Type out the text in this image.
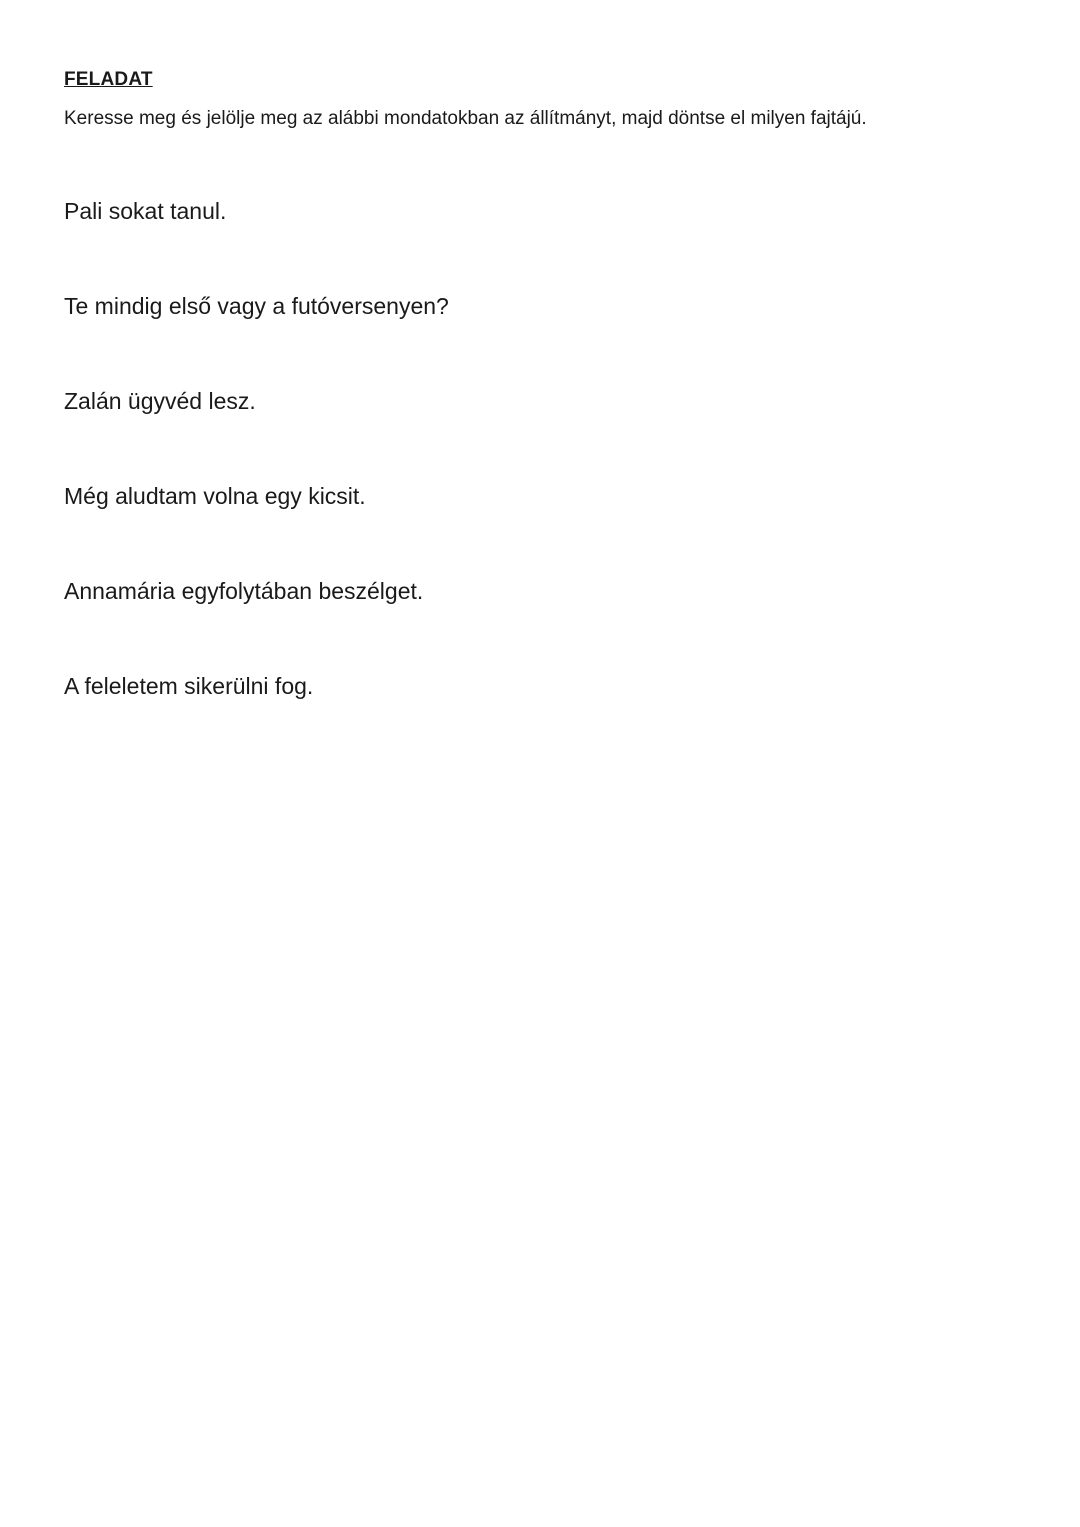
FELADAT

Keresse meg és jelölje meg az alábbi mondatokban az állítmányt, majd döntse el milyen fajtájú.

Pali sokat tanul.

Te mindig első vagy a futóversenyen?

Zalán ügyvéd lesz.

Még aludtam volna egy kicsit.

Annamária egyfolytában beszélget.

A feleletem sikerülni fog.
